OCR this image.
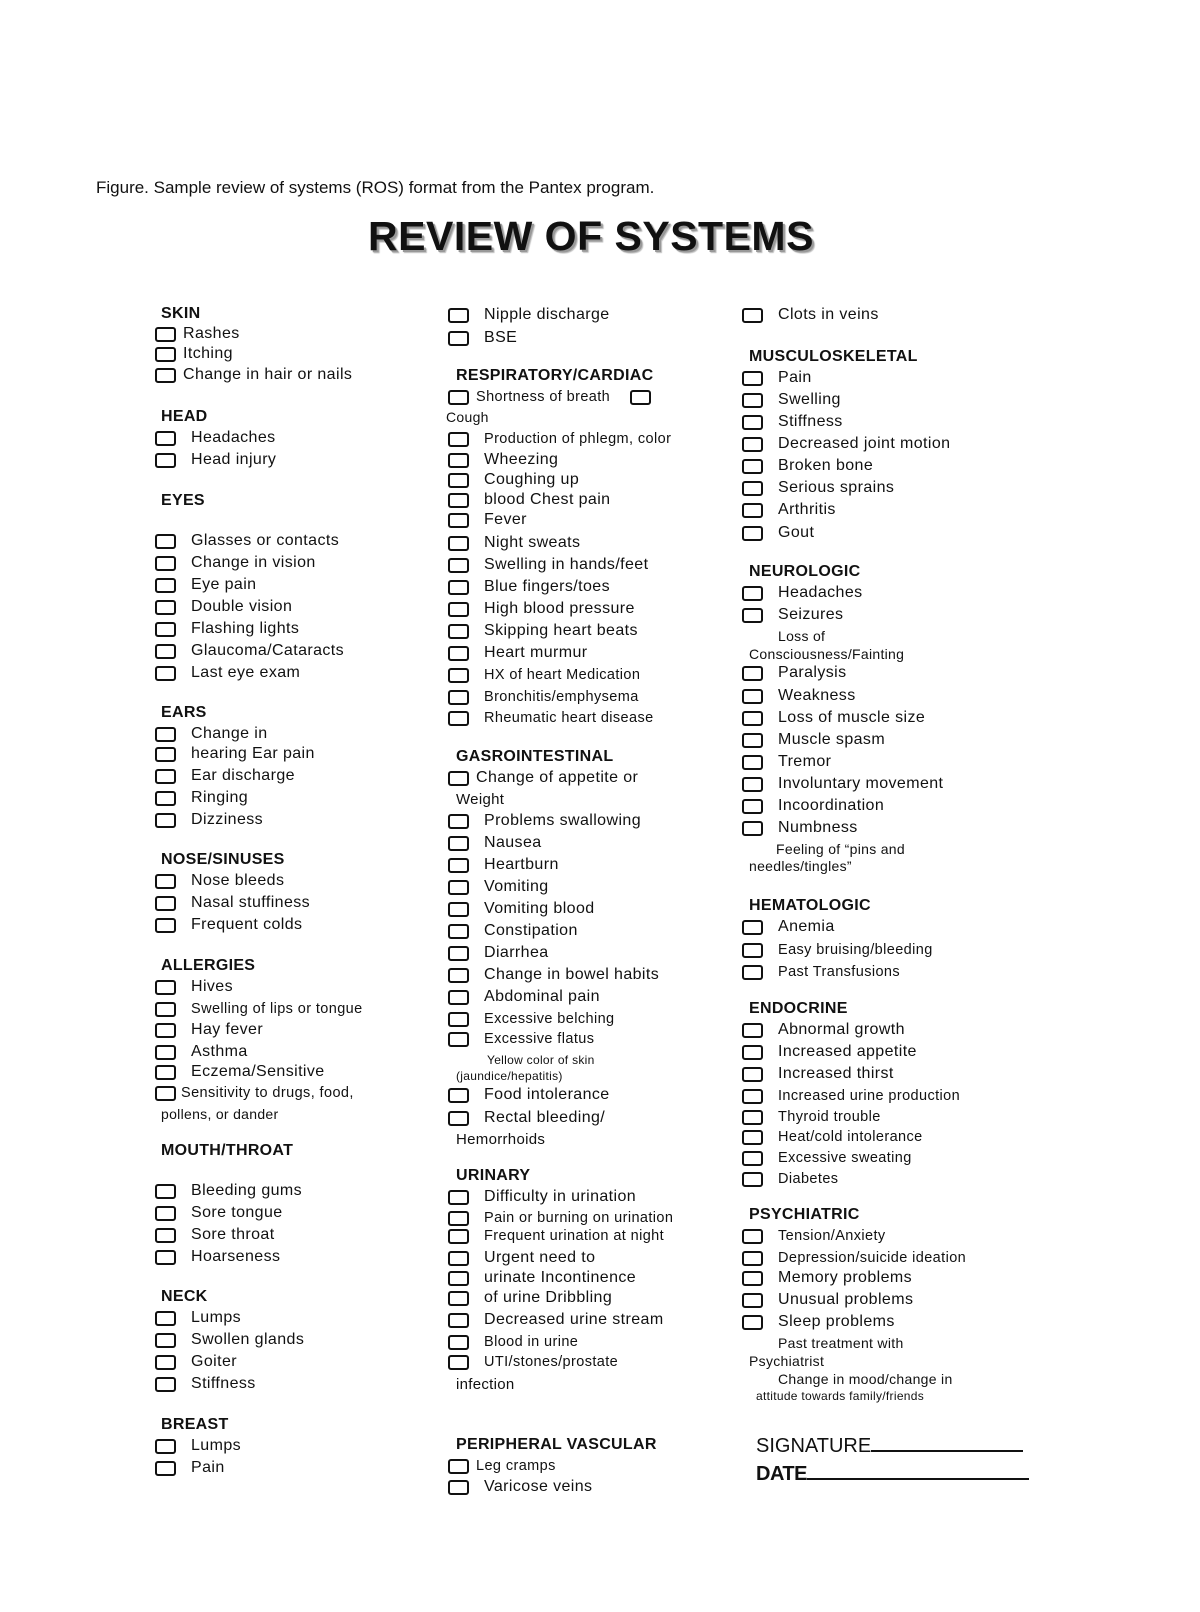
Figure. Sample review of systems (ROS) format from the Pantex program.
REVIEW OF SYSTEMS
SKIN
Rashes
Itching
Change in hair or nails
HEAD
Headaches
Head injury
EYES
Glasses or contacts
Change in vision
Eye pain
Double vision
Flashing lights
Glaucoma/Cataracts
Last eye exam
EARS
Change in
hearing Ear pain
Ear discharge
Ringing
Dizziness
NOSE/SINUSES
Nose bleeds
Nasal stuffiness
Frequent colds
ALLERGIES
Hives
Swelling of lips or tongue
Hay fever
Asthma
Eczema/Sensitive
Sensitivity to drugs, food,
pollens, or dander
MOUTH/THROAT
Bleeding gums
Sore tongue
Sore throat
Hoarseness
NECK
Lumps
Swollen glands
Goiter
Stiffness
BREAST
Lumps
Pain
Nipple discharge
BSE
RESPIRATORY/CARDIAC
Shortness of breath
Cough
Production of phlegm, color
Wheezing
Coughing up
blood Chest pain
Fever
Night sweats
Swelling in hands/feet
Blue fingers/toes
High blood pressure
Skipping heart beats
Heart murmur
HX of heart Medication
Bronchitis/emphysema
Rheumatic heart disease
GASROINTESTINAL
Change of appetite or
Weight
Problems swallowing
Nausea
Heartburn
Vomiting
Vomiting blood
Constipation
Diarrhea
Change in bowel habits
Abdominal pain
Excessive belching
Excessive flatus
Yellow color of skin
(jaundice/hepatitis)
Food intolerance
Rectal bleeding/
Hemorrhoids
URINARY
Difficulty in urination
Pain or burning on urination
Frequent urination at night
Urgent need to
urinate Incontinence
of urine Dribbling
Decreased urine stream
Blood in urine
UTI/stones/prostate
infection
PERIPHERAL VASCULAR
Leg cramps
Varicose veins
Clots in veins
MUSCULOSKELETAL
Pain
Swelling
Stiffness
Decreased joint motion
Broken bone
Serious sprains
Arthritis
Gout
NEUROLOGIC
Headaches
Seizures
Loss of
Consciousness/Fainting
Paralysis
Weakness
Loss of muscle size
Muscle spasm
Tremor
Involuntary movement
Incoordination
Numbness
Feeling of “pins and
needles/tingles”
HEMATOLOGIC
Anemia
Easy bruising/bleeding
Past Transfusions
ENDOCRINE
Abnormal growth
Increased appetite
Increased thirst
Increased urine production
Thyroid trouble
Heat/cold intolerance
Excessive sweating
Diabetes
PSYCHIATRIC
Tension/Anxiety
Depression/suicide ideation
Memory problems
Unusual problems
Sleep problems
Past treatment with
Psychiatrist
Change in mood/change in
attitude towards family/friends
SIGNATURE
DATE
